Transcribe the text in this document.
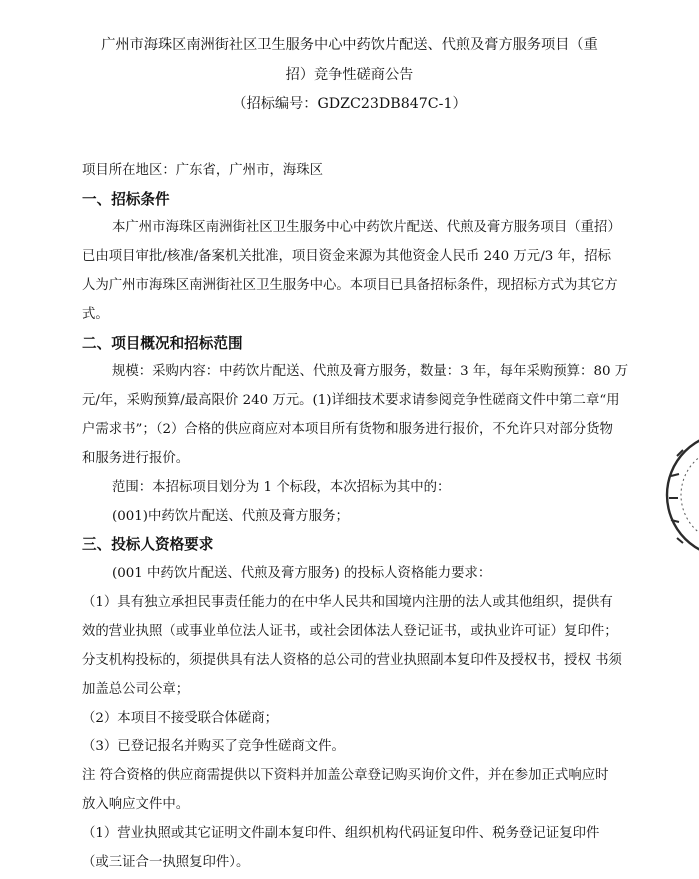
广州市海珠区南洲街社区卫生服务中心中药饮片配送、代煎及膏方服务项目（重
招）竞争性磋商公告
（招标编号：GDZC23DB847C-1）
项目所在地区：广东省，广州市，海珠区
一、招标条件
本广州市海珠区南洲街社区卫生服务中心中药饮片配送、代煎及膏方服务项目（重招）
已由项目审批/核准/备案机关批准，项目资金来源为其他资金人民币 240 万元/3 年，招标
人为广州市海珠区南洲街社区卫生服务中心。本项目已具备招标条件，现招标方式为其它方
式。
二、项目概况和招标范围
规模：采购内容：中药饮片配送、代煎及膏方服务，数量：3 年，每年采购预算：80 万
元/年，采购预算/最高限价 240 万元。(1)详细技术要求请参阅竞争性磋商文件中第二章“用
户需求书”；（2）合格的供应商应对本项目所有货物和服务进行报价，不允许只对部分货物
和服务进行报价。
范围：本招标项目划分为 1 个标段，本次招标为其中的：
(001)中药饮片配送、代煎及膏方服务；
三、投标人资格要求
(001 中药饮片配送、代煎及膏方服务) 的投标人资格能力要求：
（1）具有独立承担民事责任能力的在中华人民共和国境内注册的法人或其他组织，提供有
效的营业执照（或事业单位法人证书，或社会团体法人登记证书，或执业许可证）复印件；
分支机构投标的，须提供具有法人资格的总公司的营业执照副本复印件及授权书，授权 书须
加盖总公司公章；
（2）本项目不接受联合体磋商；
（3）已登记报名并购买了竞争性磋商文件。
注 符合资格的供应商需提供以下资料并加盖公章登记购买询价文件，并在参加正式响应时
放入响应文件中。
（1）营业执照或其它证明文件副本复印件、组织机构代码证复印件、税务登记证复印件
（或三证合一执照复印件）。
